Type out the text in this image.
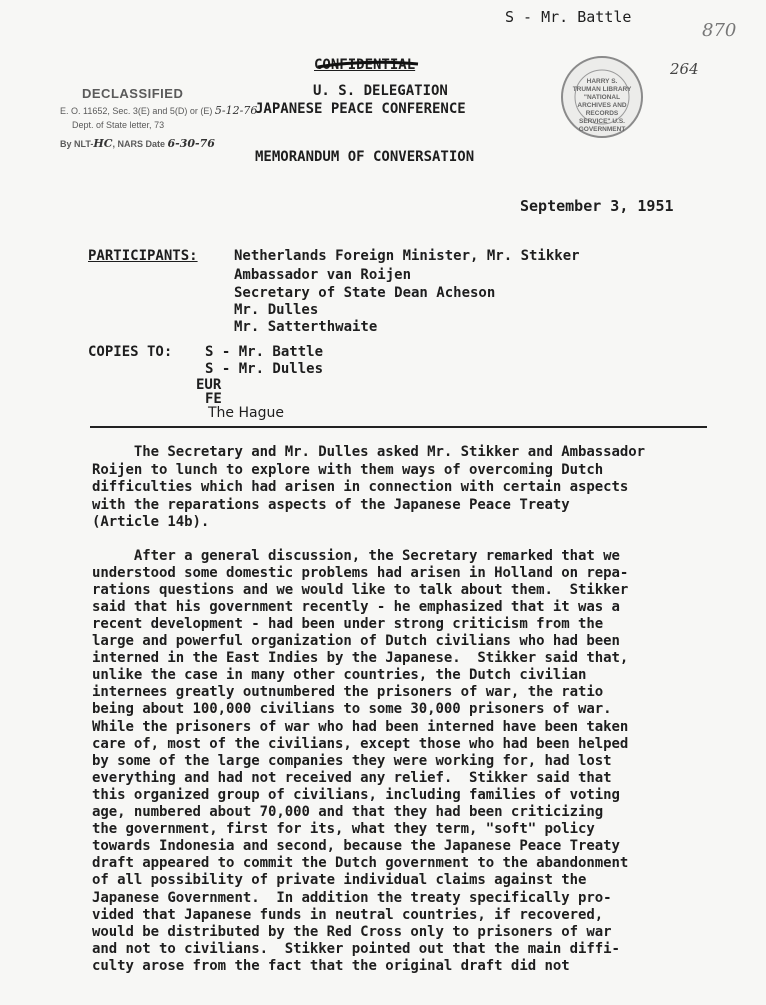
S - Mr. Battle
870
264
CONFIDENTIAL
U. S. DELEGATION
JAPANESE PEACE CONFERENCE
MEMORANDUM OF CONVERSATION
September 3, 1951
DECLASSIFIED
E. O. 11652, Sec. 3(E) and 5(D) or (E) 5-12-76
Dept. of State letter, 73
By NLT-HC, NARS Date 6-30-76
HARRY S. TRUMAN LIBRARY "NATIONAL ARCHIVES AND RECORDS SERVICE" U.S. GOVERNMENT
PARTICIPANTS:	Netherlands Foreign Minister, Mr. Stikker
Ambassador van Roijen
Secretary of State Dean Acheson
Mr. Dulles
Mr. Satterthwaite
COPIES TO: S - Mr. Battle
S - Mr. Dulles
EUR
FE
The Hague
The Secretary and Mr. Dulles asked Mr. Stikker and Ambassador
Roijen to lunch to explore with them ways of overcoming Dutch
difficulties which had arisen in connection with certain aspects
with the reparations aspects of the Japanese Peace Treaty
(Article 14b).
After a general discussion, the Secretary remarked that we
understood some domestic problems had arisen in Holland on repa-
rations questions and we would like to talk about them.  Stikker
said that his government recently - he emphasized that it was a
recent development - had been under strong criticism from the
large and powerful organization of Dutch civilians who had been
interned in the East Indies by the Japanese.  Stikker said that,
unlike the case in many other countries, the Dutch civilian
internees greatly outnumbered the prisoners of war, the ratio
being about 100,000 civilians to some 30,000 prisoners of war.
While the prisoners of war who had been interned have been taken
care of, most of the civilians, except those who had been helped
by some of the large companies they were working for, had lost
everything and had not received any relief.  Stikker said that
this organized group of civilians, including families of voting
age, numbered about 70,000 and that they had been criticizing
the government, first for its, what they term, "soft" policy
towards Indonesia and second, because the Japanese Peace Treaty
draft appeared to commit the Dutch government to the abandonment
of all possibility of private individual claims against the
Japanese Government.  In addition the treaty specifically pro-
vided that Japanese funds in neutral countries, if recovered,
would be distributed by the Red Cross only to prisoners of war
and not to civilians.  Stikker pointed out that the main diffi-
culty arose from the fact that the original draft did not
